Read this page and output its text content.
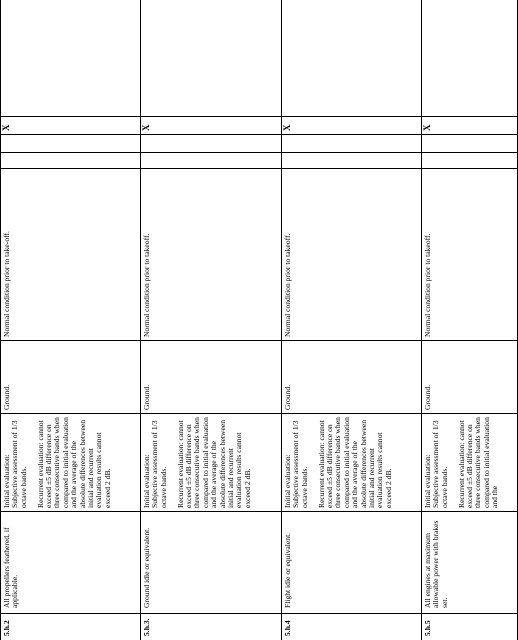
5.h.2
All propellers feathered, if applicable.
Initial evaluation:
Subjective assessment of 1/3 octave bands.

Recurrent evaluation: cannot exceed ±5 dB difference on three consecutive bands when compared to initial evaluation and the average of the absolute differences between initial and recurrent evaluation results cannot exceed 2 dB.
Ground.
Normal condition prior to take-off.
X
5.h.3.
Ground idle or equivalent.
Initial evaluation:
Subjective assessment of 1/3 octave bands.

Recurrent evaluation: cannot exceed ±5 dB difference on three consecutive bands when compared to initial evaluation and the average of the absolute differences between initial and recurrent evaluation results cannot exceed 2 dB.
Ground.
Normal condition prior to takeoff.
X
5.h.4
Flight idle or equivalent.
Initial evaluation:
Subjective assessment of 1/3 octave bands.

Recurrent evaluation: cannot exceed ±5 dB difference on three consecutive bands when compared to initial evaluation and the average of the absolute differences between initial and recurrent evaluation results cannot exceed 2 dB.
Ground.
Normal condition prior to takeoff.
X
5.h.5
All engines at maximum allowable power with brakes set.
Initial evaluation:
Subjective assessment of 1/3 octave bands.

Recurrent evaluation: cannot exceed ±5 dB difference on three consecutive bands when compared to initial evaluation and the
Ground.
Normal condition prior to takeoff.
X
